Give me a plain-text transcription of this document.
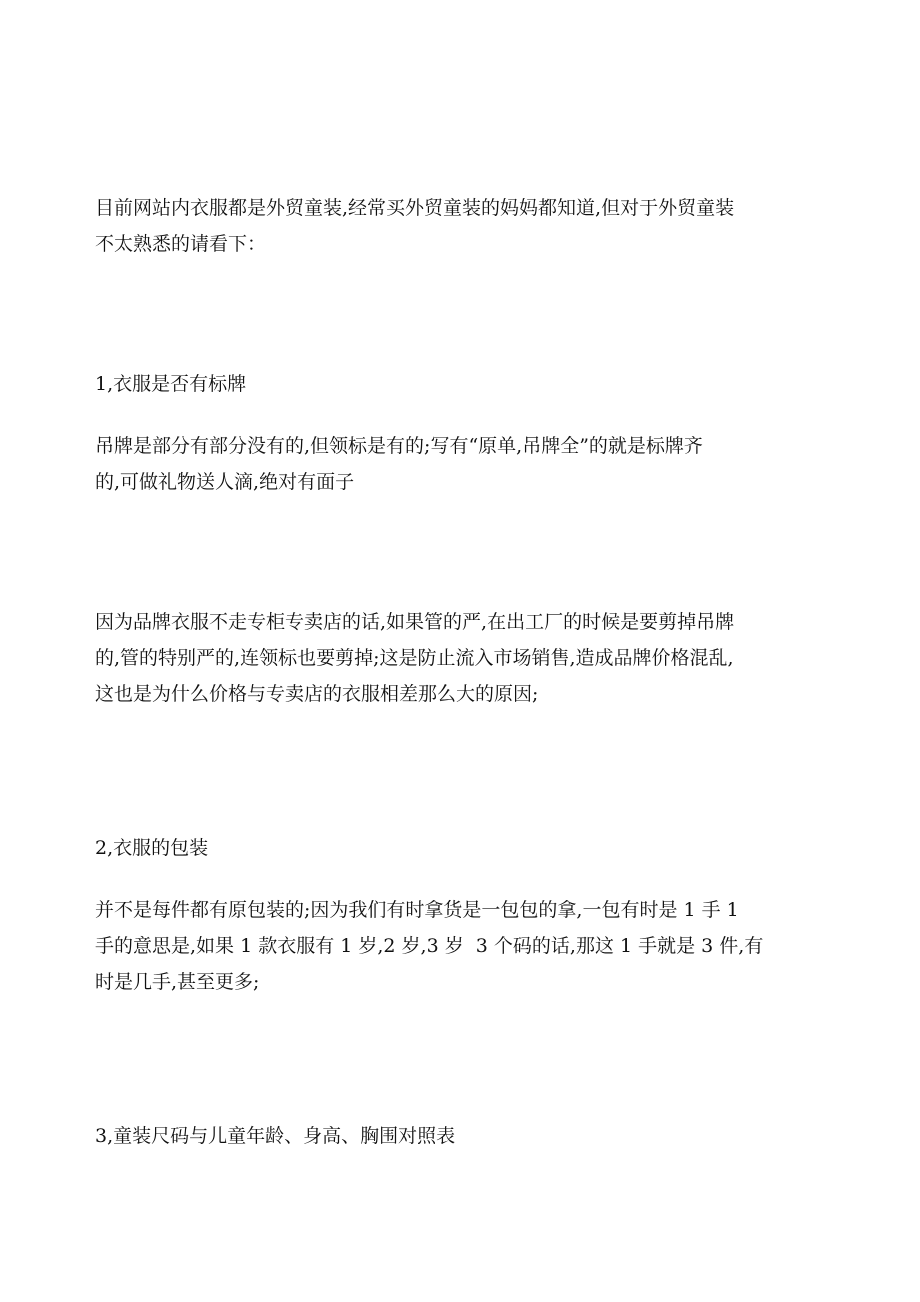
目前网站内衣服都是外贸童装,经常买外贸童装的妈妈都知道,但对于外贸童装
不太熟悉的请看下：

1,衣服是否有标牌

吊牌是部分有部分没有的,但领标是有的;写有“原单,吊牌全”的就是标牌齐
的,可做礼物送人滴,绝对有面子

因为品牌衣服不走专柜专卖店的话,如果管的严,在出工厂的时候是要剪掉吊牌
的,管的特别严的,连领标也要剪掉;这是防止流入市场销售,造成品牌价格混乱,
这也是为什么价格与专卖店的衣服相差那么大的原因;

2,衣服的包装

并不是每件都有原包装的;因为我们有时拿货是一包包的拿,一包有时是 1 手 1
手的意思是,如果 1 款衣服有 1 岁,2 岁,3 岁  3 个码的话,那这 1 手就是 3 件,有
时是几手,甚至更多;

3,童装尺码与儿童年龄、身高、胸围对照表
